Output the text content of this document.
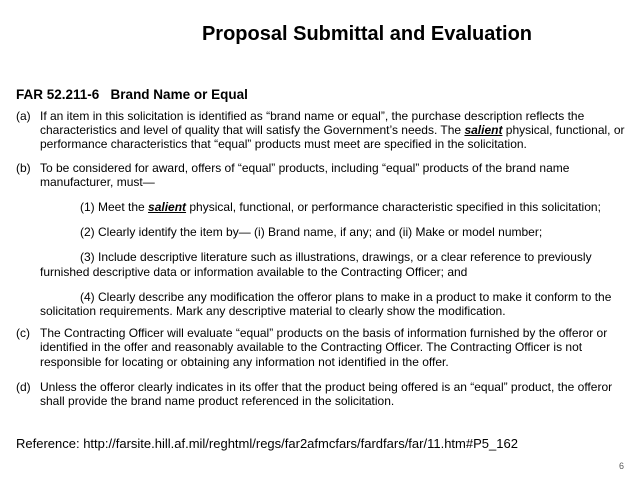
Proposal Submittal and Evaluation
FAR 52.211-6   Brand Name or Equal
(a) If an item in this solicitation is identified as “brand name or equal”, the purchase description reflects the characteristics and level of quality that will satisfy the Government’s needs. The salient physical, functional, or performance characteristics that “equal” products must meet are specified in the solicitation.
(b) To be considered for award, offers of “equal” products, including “equal” products of the brand name manufacturer, must—
(1) Meet the salient physical, functional, or performance characteristic specified in this solicitation;
(2) Clearly identify the item by— (i) Brand name, if any; and (ii) Make or model number;
(3) Include descriptive literature such as illustrations, drawings, or a clear reference to previously furnished descriptive data or information available to the Contracting Officer; and
(4) Clearly describe any modification the offeror plans to make in a product to make it conform to the solicitation requirements. Mark any descriptive material to clearly show the modification.
(c) The Contracting Officer will evaluate “equal” products on the basis of information furnished by the offeror or identified in the offer and reasonably available to the Contracting Officer. The Contracting Officer is not responsible for locating or obtaining any information not identified in the offer.
(d) Unless the offeror clearly indicates in its offer that the product being offered is an “equal” product, the offeror shall provide the brand name product referenced in the solicitation.
Reference: http://farsite.hill.af.mil/reghtml/regs/far2afmcfars/fardfars/far/11.htm#P5_162
6
